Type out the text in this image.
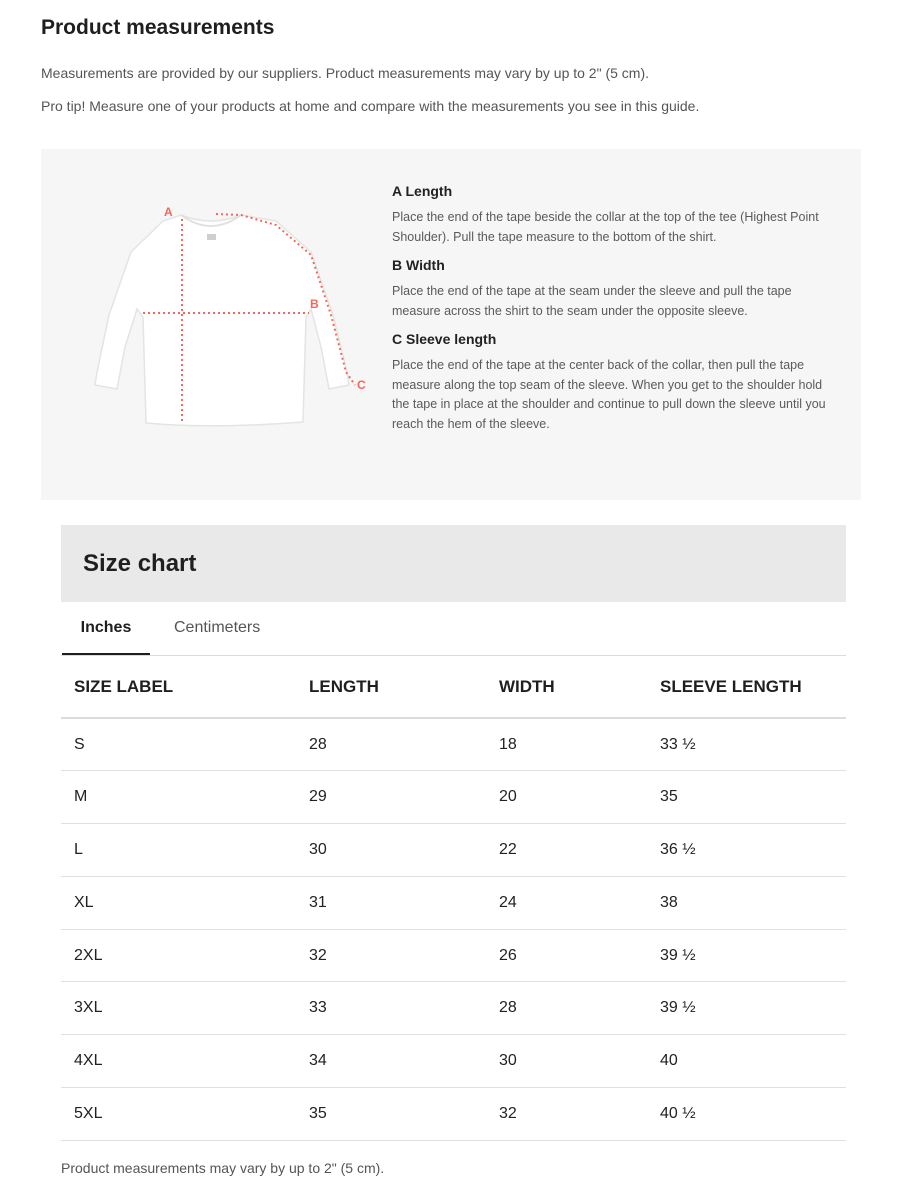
Product measurements
Measurements are provided by our suppliers. Product measurements may vary by up to 2" (5 cm).
Pro tip! Measure one of your products at home and compare with the measurements you see in this guide.
A
B
C
A Length

Place the end of the tape beside the collar at the top of the tee (Highest Point Shoulder). Pull the tape measure to the bottom of the shirt.

B Width

Place the end of the tape at the seam under the sleeve and pull the tape measure across the shirt to the seam under the opposite sleeve.

C Sleeve length

Place the end of the tape at the center back of the collar, then pull the tape measure along the top seam of the sleeve. When you get to the shoulder hold the tape in place at the shoulder and continue to pull down the sleeve until you reach the hem of the sleeve.

Size chart
Inches	Centimeters
SIZE LABEL	LENGTH	WIDTH	SLEEVE LENGTH
S	28	18	33 ½
M	29	20	35
L	30	22	36 ½
XL	31	24	38
2XL	32	26	39 ½
3XL	33	28	39 ½
4XL	34	30	40
5XL	35	32	40 ½
Product measurements may vary by up to 2" (5 cm).
